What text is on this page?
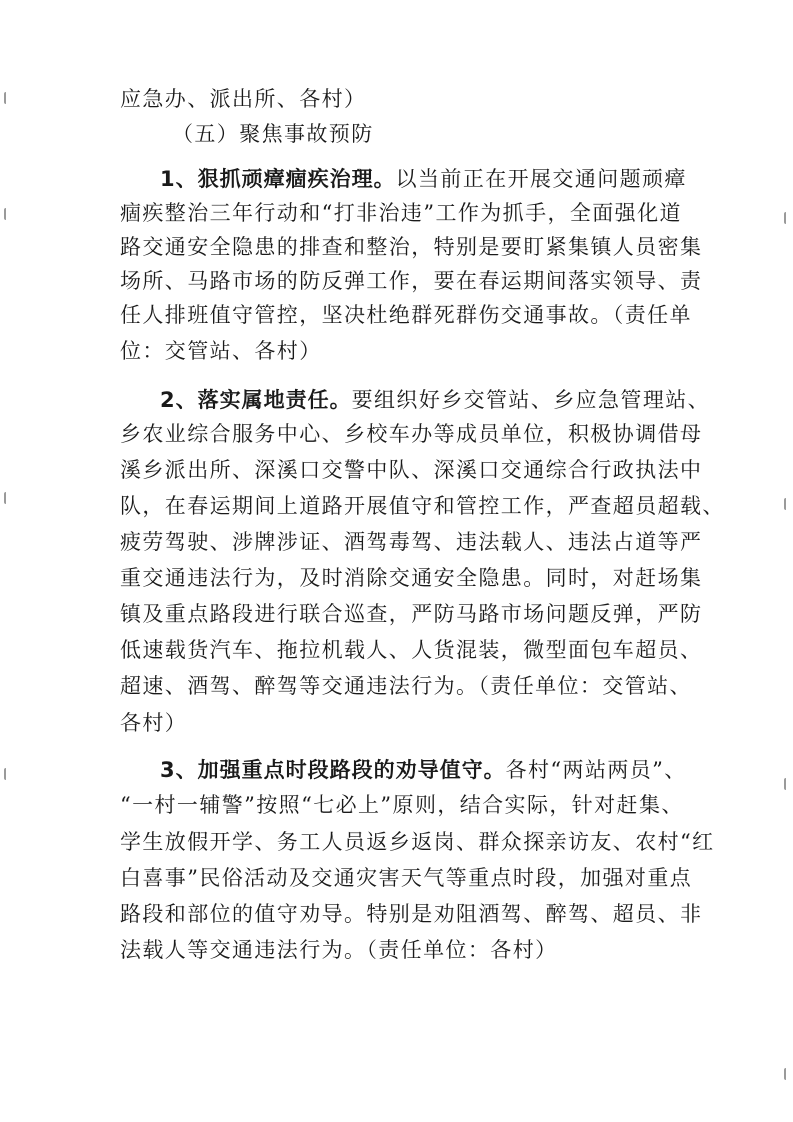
应急办、派出所、各村）
（五）聚焦事故预防
1、狠抓顽瘴痼疾治理。以当前正在开展交通问题顽瘴
痼疾整治三年行动和“打非治违”工作为抓手，全面强化道
路交通安全隐患的排查和整治，特别是要盯紧集镇人员密集
场所、马路市场的防反弹工作，要在春运期间落实领导、责
任人排班值守管控，坚决杜绝群死群伤交通事故。（责任单
位：交管站、各村）
2、落实属地责任。要组织好乡交管站、乡应急管理站、
乡农业综合服务中心、乡校车办等成员单位，积极协调借母
溪乡派出所、深溪口交警中队、深溪口交通综合行政执法中
队，在春运期间上道路开展值守和管控工作，严查超员超载、
疲劳驾驶、涉牌涉证、酒驾毒驾、违法载人、违法占道等严
重交通违法行为，及时消除交通安全隐患。同时，对赶场集
镇及重点路段进行联合巡查，严防马路市场问题反弹，严防
低速载货汽车、拖拉机载人、人货混装，微型面包车超员、
超速、酒驾、醉驾等交通违法行为。（责任单位：交管站、
各村）
3、加强重点时段路段的劝导值守。各村“两站两员”、
“一村一辅警”按照“七必上”原则，结合实际，针对赶集、
学生放假开学、务工人员返乡返岗、群众探亲访友、农村“红
白喜事”民俗活动及交通灾害天气等重点时段，加强对重点
路段和部位的值守劝导。特别是劝阻酒驾、醉驾、超员、非
法载人等交通违法行为。（责任单位：各村）
